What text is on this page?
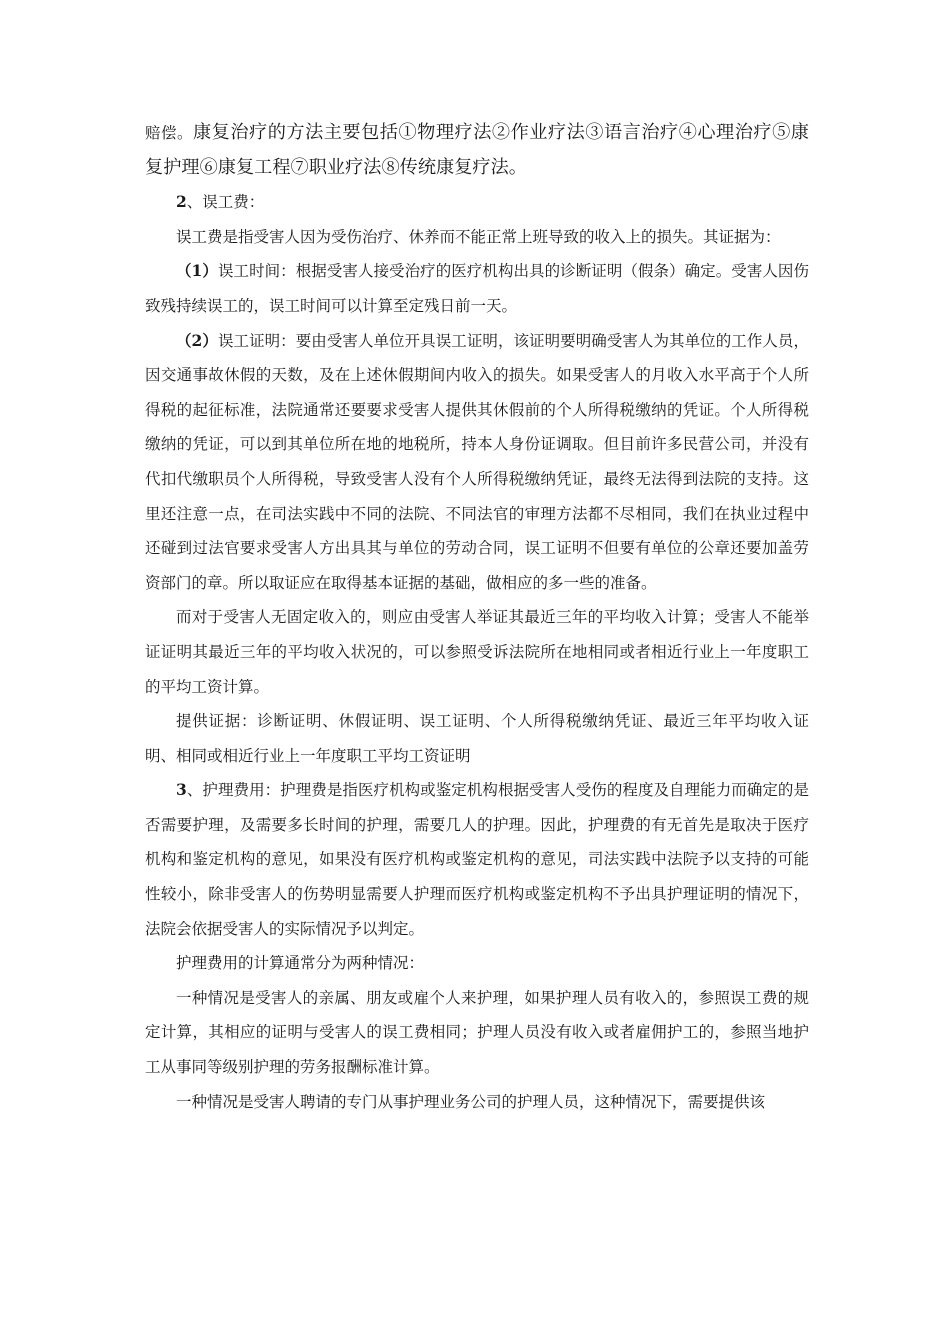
赔偿。康复治疗的方法主要包括①物理疗法②作业疗法③语言治疗④心理治疗⑤康复护理⑥康复工程⑦职业疗法⑧传统康复疗法。

2、误工费：

误工费是指受害人因为受伤治疗、休养而不能正常上班导致的收入上的损失。其证据为：

（1）误工时间：根据受害人接受治疗的医疗机构出具的诊断证明（假条）确定。受害人因伤致残持续误工的，误工时间可以计算至定残日前一天。

（2）误工证明：要由受害人单位开具误工证明，该证明要明确受害人为其单位的工作人员，因交通事故休假的天数，及在上述休假期间内收入的损失。如果受害人的月收入水平高于个人所得税的起征标准，法院通常还要要求受害人提供其休假前的个人所得税缴纳的凭证。个人所得税缴纳的凭证，可以到其单位所在地的地税所，持本人身份证调取。但目前许多民营公司，并没有代扣代缴职员个人所得税，导致受害人没有个人所得税缴纳凭证，最终无法得到法院的支持。这里还注意一点，在司法实践中不同的法院、不同法官的审理方法都不尽相同，我们在执业过程中还碰到过法官要求受害人方出具其与单位的劳动合同，误工证明不但要有单位的公章还要加盖劳资部门的章。所以取证应在取得基本证据的基础，做相应的多一些的准备。

而对于受害人无固定收入的，则应由受害人举证其最近三年的平均收入计算；受害人不能举证证明其最近三年的平均收入状况的，可以参照受诉法院所在地相同或者相近行业上一年度职工的平均工资计算。

提供证据：诊断证明、休假证明、误工证明、个人所得税缴纳凭证、最近三年平均收入证明、相同或相近行业上一年度职工平均工资证明

3、护理费用：护理费是指医疗机构或鉴定机构根据受害人受伤的程度及自理能力而确定的是否需要护理，及需要多长时间的护理，需要几人的护理。因此，护理费的有无首先是取决于医疗机构和鉴定机构的意见，如果没有医疗机构或鉴定机构的意见，司法实践中法院予以支持的可能性较小，除非受害人的伤势明显需要人护理而医疗机构或鉴定机构不予出具护理证明的情况下，法院会依据受害人的实际情况予以判定。

护理费用的计算通常分为两种情况：

一种情况是受害人的亲属、朋友或雇个人来护理，如果护理人员有收入的，参照误工费的规定计算，其相应的证明与受害人的误工费相同；护理人员没有收入或者雇佣护工的，参照当地护工从事同等级别护理的劳务报酬标准计算。

一种情况是受害人聘请的专门从事护理业务公司的护理人员，这种情况下，需要提供该
